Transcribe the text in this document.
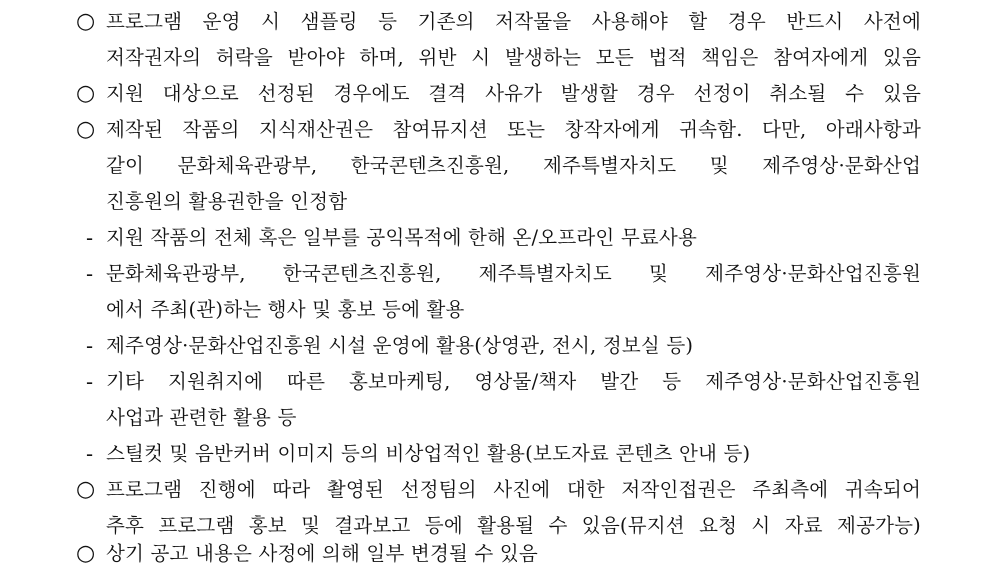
○ 프로그램 운영 시 샘플링 등 기존의 저작물을 사용해야 할 경우 반드시 사전에
저작권자의 허락을 받아야 하며, 위반 시 발생하는 모든 법적 책임은 참여자에게 있음
○ 지원 대상으로 선정된 경우에도 결격 사유가 발생할 경우 선정이 취소될 수 있음
○ 제작된 작품의 지식재산권은 참여뮤지션 또는 창작자에게 귀속함. 다만, 아래사항과
같이 문화체육관광부, 한국콘텐츠진흥원, 제주특별자치도 및 제주영상·문화산업
진흥원의 활용권한을 인정함
- 지원 작품의 전체 혹은 일부를 공익목적에 한해 온/오프라인 무료사용
- 문화체육관광부, 한국콘텐츠진흥원, 제주특별자치도 및 제주영상·문화산업진흥원
에서 주최(관)하는 행사 및 홍보 등에 활용
- 제주영상·문화산업진흥원 시설 운영에 활용(상영관, 전시, 정보실 등)
- 기타 지원취지에 따른 홍보마케팅, 영상물/책자 발간 등 제주영상·문화산업진흥원
사업과 관련한 활용 등
- 스틸컷 및 음반커버 이미지 등의 비상업적인 활용(보도자료 콘텐츠 안내 등)
○ 프로그램 진행에 따라 촬영된 선정팀의 사진에 대한 저작인접권은 주최측에 귀속되어
추후 프로그램 홍보 및 결과보고 등에 활용될 수 있음(뮤지션 요청 시 자료 제공가능)
○ 상기 공고 내용은 사정에 의해 일부 변경될 수 있음
